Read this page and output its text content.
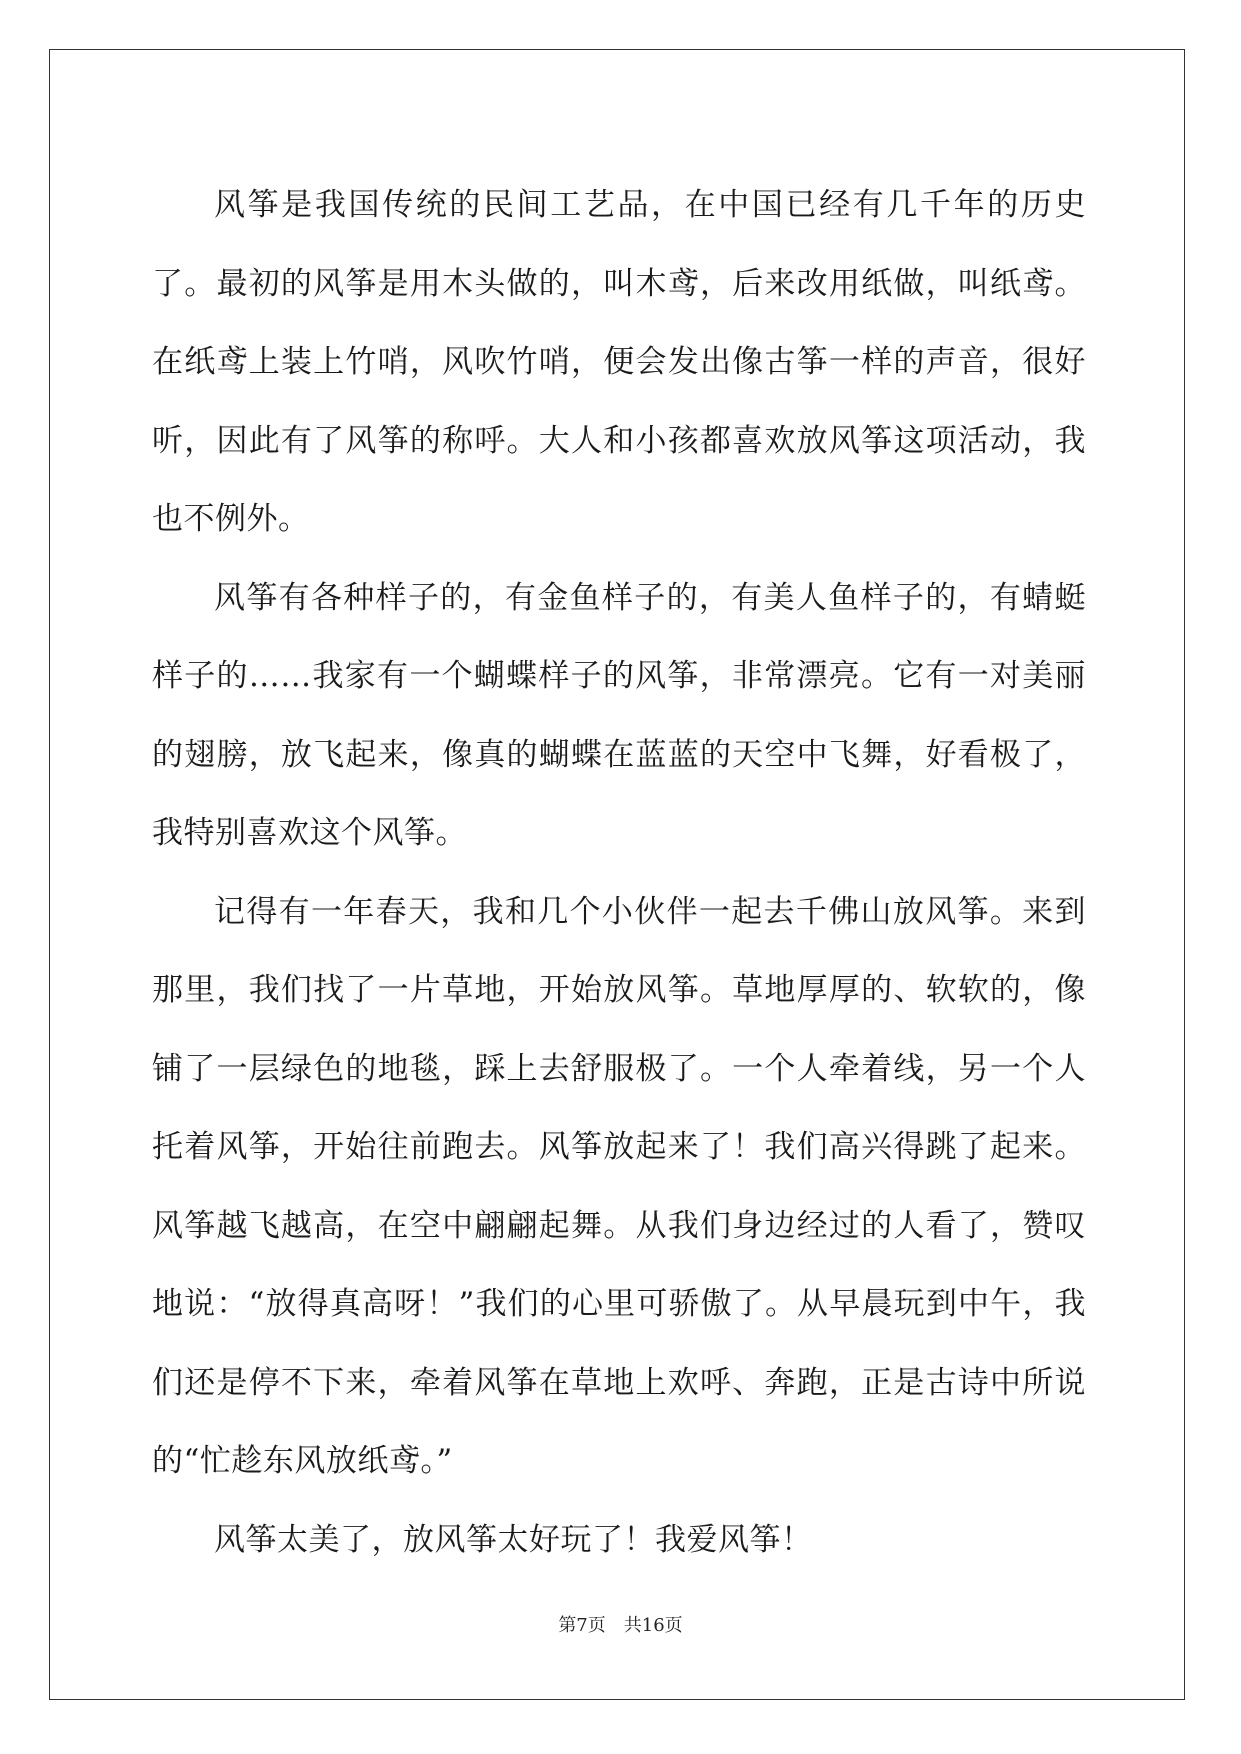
风筝是我国传统的民间工艺品，在中国已经有几千年的历史了。最初的风筝是用木头做的，叫木鸢，后来改用纸做，叫纸鸢。在纸鸢上装上竹哨，风吹竹哨，便会发出像古筝一样的声音，很好听，因此有了风筝的称呼。大人和小孩都喜欢放风筝这项活动，我也不例外。

风筝有各种样子的，有金鱼样子的，有美人鱼样子的，有蜻蜓样子的……我家有一个蝴蝶样子的风筝，非常漂亮。它有一对美丽的翅膀，放飞起来，像真的蝴蝶在蓝蓝的天空中飞舞，好看极了，我特别喜欢这个风筝。

记得有一年春天，我和几个小伙伴一起去千佛山放风筝。来到那里，我们找了一片草地，开始放风筝。草地厚厚的、软软的，像铺了一层绿色的地毯，踩上去舒服极了。一个人牵着线，另一个人托着风筝，开始往前跑去。风筝放起来了！我们高兴得跳了起来。风筝越飞越高，在空中翩翩起舞。从我们身边经过的人看了，赞叹地说：“放得真高呀！”我们的心里可骄傲了。从早晨玩到中午，我们还是停不下来，牵着风筝在草地上欢呼、奔跑，正是古诗中所说的“忙趁东风放纸鸢。”

风筝太美了，放风筝太好玩了！我爱风筝！

第7页 共16页
